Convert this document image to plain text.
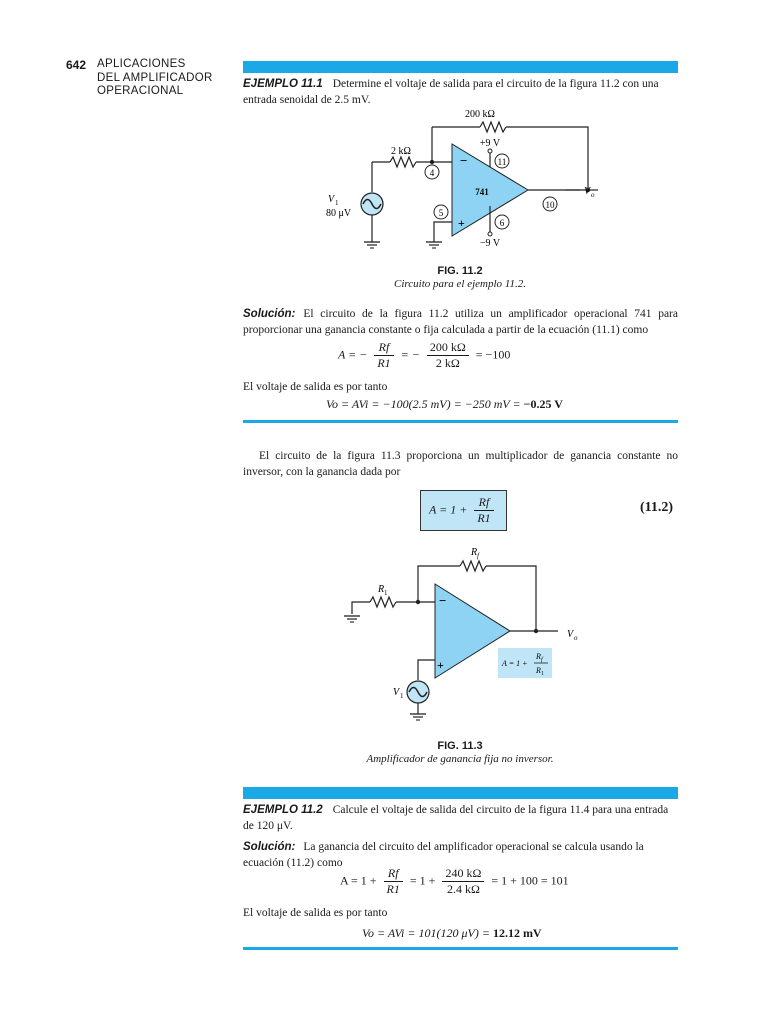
642 APLICACIONES
DEL AMPLIFICADOR
OPERACIONAL
EJEMPLO 11.1 Determine el voltaje de salida para el circuito de la figura 11.2 con una entrada senoidal de 2.5 mV.
200 kΩ
+9 V
11
2 kΩ
4
−
+
741	V o
10
5
−9 V
6
V 1
80 μV
FIG. 11.2
Circuito para el ejemplo 11.2.
Solución: El circuito de la figura 11.2 utiliza un amplificador operacional 741 para proporcionar una ganancia constante o fija calculada a partir de la ecuación (11.1) como
A = − $\frac{Rf}{R1}$ = − $\frac{200 k\Omega}{2 k\Omega} = -100$
El voltaje de salida es por tanto
Vo = AVi = −100(2.5 mV) = −250 mV = −0.25 V
El circuito de la figura 11.3 proporciona un multiplicador de ganancia constante no inversor, con la ganancia dada por
$A = 1 + \frac{Rf}{R1}$	(11.2)
R f
R 1	−
+
V o
A = 1 +
R f
R 1
V 1
FIG. 11.3
Amplificador de ganancia fija no inversor.
EJEMPLO 11.2 Calcule el voltaje de salida del circuito de la figura 11.4 para una entrada de 120 μV.
Solución: La ganancia del circuito del amplificador operacional se calcula usando la ecuación (11.2) como
$A = 1 + \frac{Rf}{R1} = 1 + \frac{240 k\Omega}{2.4 k\Omega} = 1 + 100 = 101$
El voltaje de salida es por tanto
Vo = AVi = 101(120 μV) = 12.12 mV
